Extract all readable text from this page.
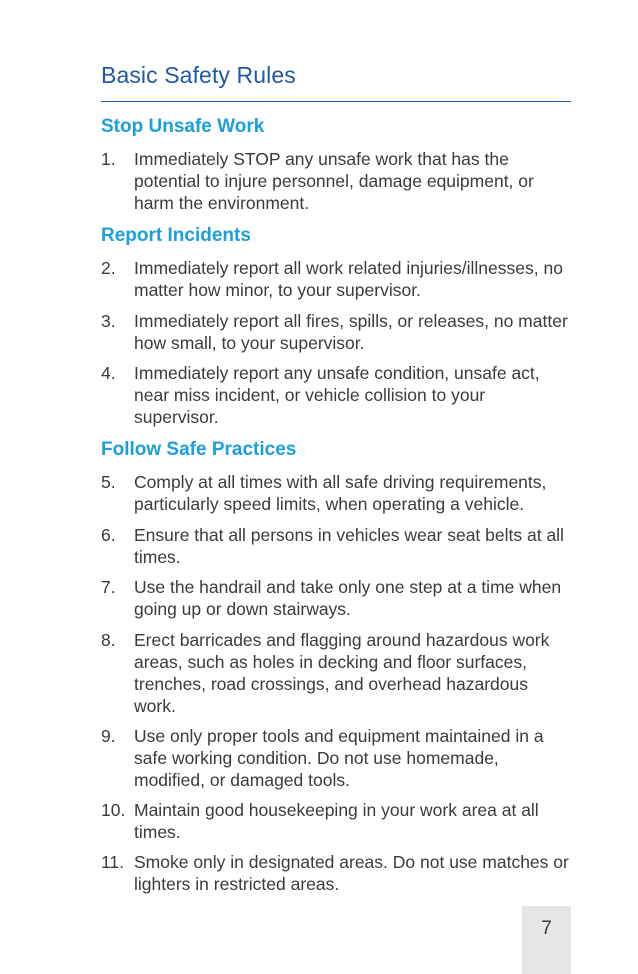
Basic Safety Rules
Stop Unsafe Work
1.	Immediately STOP any unsafe work that has the potential to injure personnel, damage equipment, or harm the environment.
Report Incidents
2.	Immediately report all work related injuries/illnesses, no matter how minor, to your supervisor.
3.	Immediately report all fires, spills, or releases, no matter how small, to your supervisor.
4.	Immediately report any unsafe condition, unsafe act, near miss incident, or vehicle collision to your supervisor.
Follow Safe Practices
5.	Comply at all times with all safe driving requirements, particularly speed limits, when operating a vehicle.
6.	Ensure that all persons in vehicles wear seat belts at all times.
7.	Use the handrail and take only one step at a time when going up or down stairways.
8.	Erect barricades and flagging around hazardous work areas, such as holes in decking and floor surfaces, trenches, road crossings, and overhead hazardous work.
9.	Use only proper tools and equipment maintained in a safe working condition. Do not use homemade, modified, or damaged tools.
10. Maintain good housekeeping in your work area at all times.
11. Smoke only in designated areas. Do not use matches or lighters in restricted areas.
7
